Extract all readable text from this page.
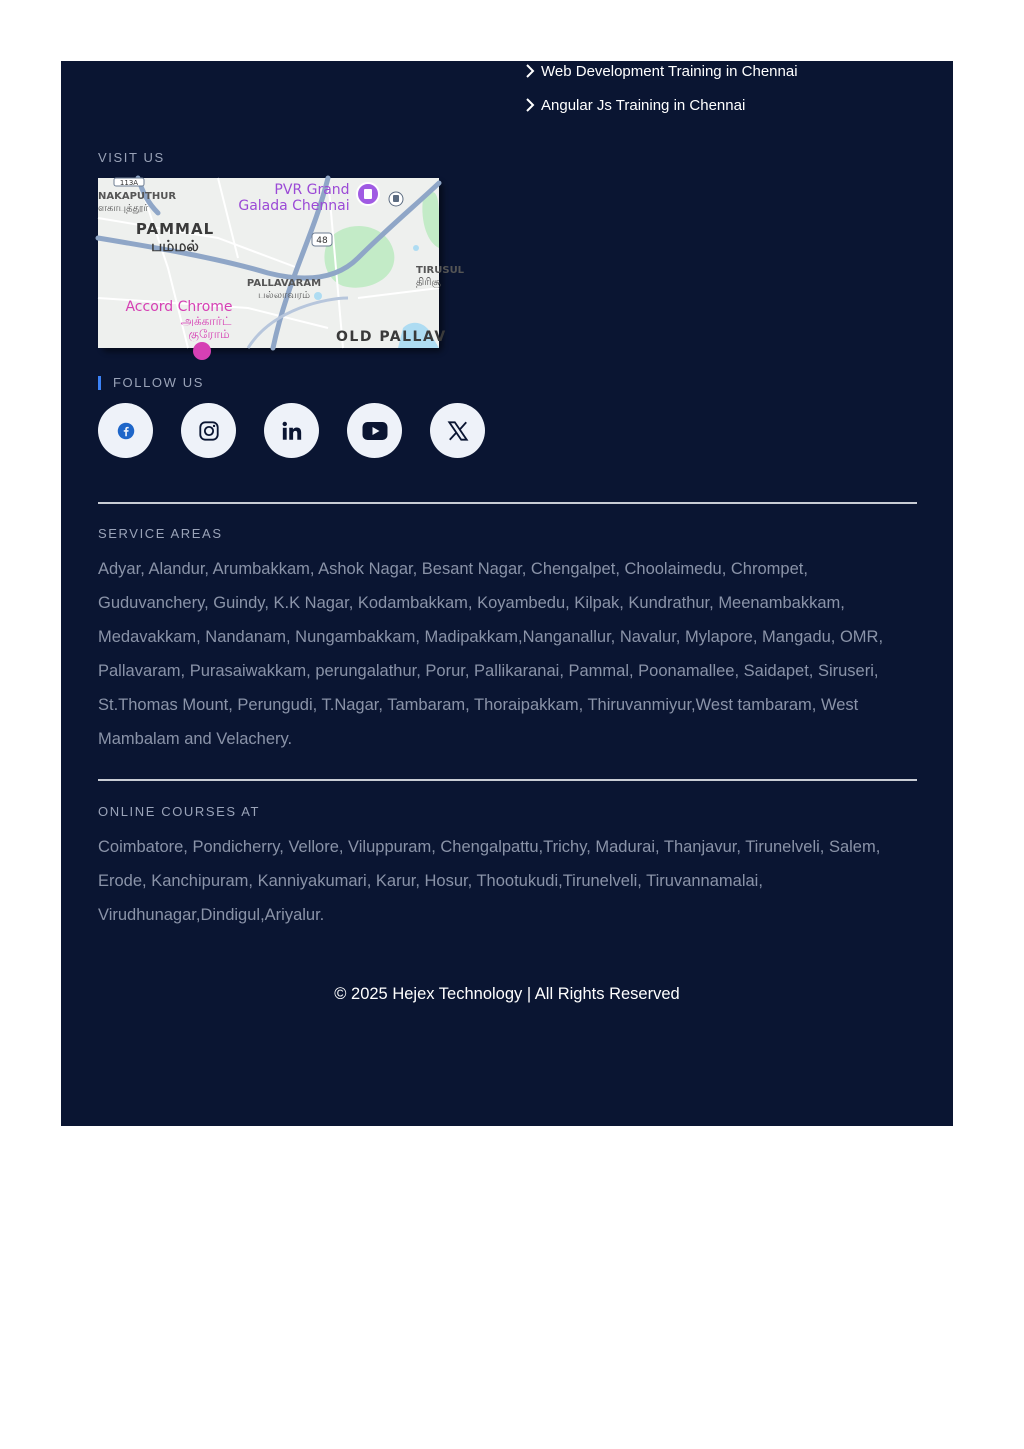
Web Development Training in Chennai
Angular Js Training in Chennai
VISIT US
48
113A
NAKAPUTHUR
ளகாபுத்தூர்
PVR Grand
Galada Chennai
PAMMAL
பம்மல்
TIRUSUL
திரிசூ
PALLAVARAM
பல்லாவரம்
Accord Chrome
அக்கார்ட்
குரோம்	OLD PALLAV
FOLLOW US
SERVICE AREAS
Adyar, Alandur, Arumbakkam, Ashok Nagar, Besant Nagar, Chengalpet, Choolaimedu, Chrompet,
Guduvanchery, Guindy, K.K Nagar, Kodambakkam, Koyambedu, Kilpak, Kundrathur, Meenambakkam,
Medavakkam, Nandanam, Nungambakkam, Madipakkam,Nanganallur, Navalur, Mylapore, Mangadu, OMR,
Pallavaram, Purasaiwakkam, perungalathur, Porur, Pallikaranai, Pammal, Poonamallee, Saidapet, Siruseri,
St.Thomas Mount, Perungudi, T.Nagar, Tambaram, Thoraipakkam, Thiruvanmiyur,West tambaram, West
Mambalam and Velachery.
ONLINE COURSES AT
Coimbatore, Pondicherry, Vellore, Viluppuram, Chengalpattu,Trichy, Madurai, Thanjavur, Tirunelveli, Salem,
Erode, Kanchipuram, Kanniyakumari, Karur, Hosur, Thootukudi,Tirunelveli, Tiruvannamalai,
Virudhunagar,Dindigul,Ariyalur.
© 2025 Hejex Technology | All Rights Reserved
